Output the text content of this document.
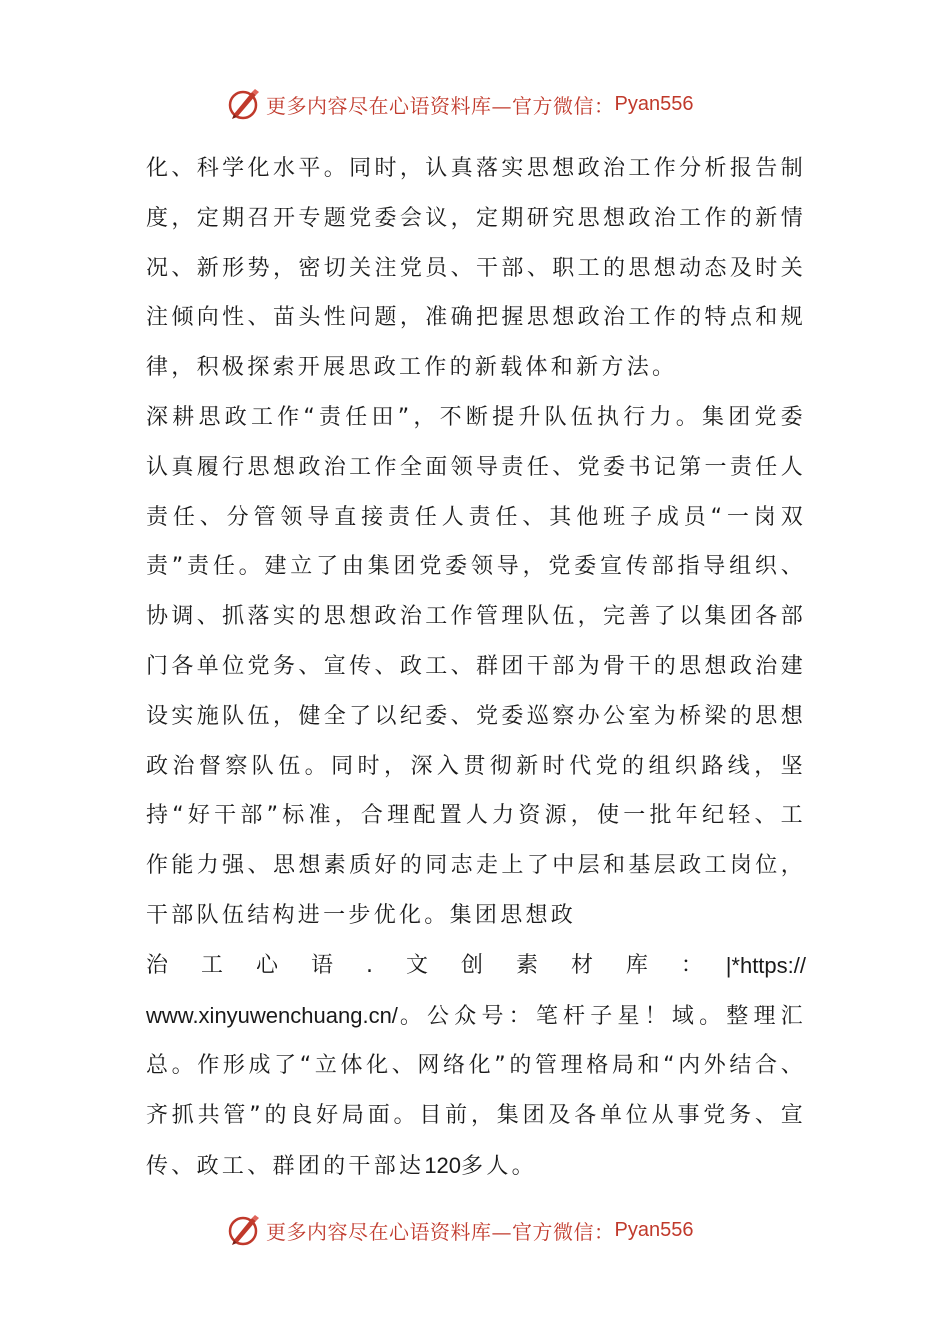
更多内容尽在心语资料库—官方微信： Pyan556

化、科学化水平。同时，认真落实思想政治工作分析报告制度，定期召开专题党委会议，定期研究思想政治工作的新情况、新形势，密切关注党员、干部、职工的思想动态及时关注倾向性、苗头性问题，准确把握思想政治工作的特点和规律，积极探索开展思政工作的新载体和新方法。

深耕思政工作“责任田”，不断提升队伍执行力。集团党委认真履行思想政治工作全面领导责任、党委书记第一责任人责任、分管领导直接责任人责任、其他班子成员“一岗双责”责任。建立了由集团党委领导，党委宣传部指导组织、协调、抓落实的思想政治工作管理队伍，完善了以集团各部门各单位党务、宣传、政工、群团干部为骨干的思想政治建设实施队伍，健全了以纪委、党委巡察办公室为桥梁的思想政治督察队伍。同时，深入贯彻新时代党的组织路线，坚持“好干部”标准，合理配置人力资源，使一批年纪轻、工作能力强、思想素质好的同志走上了中层和基层政工岗位，干部队伍结构进一步优化。集团思想政

治 工 心 语 . 文 创 素 材 库 ： |*https://

www.xinyuwenchuang.cn/。公众号：笔杆子星！域。整理汇总。作形成了“立体化、网络化”的管理格局和“内外结合、齐抓共管”的良好局面。目前，集团及各单位从事党务、宣传、政工、群团的干部达120多人。

更多内容尽在心语资料库—官方微信： Pyan556
